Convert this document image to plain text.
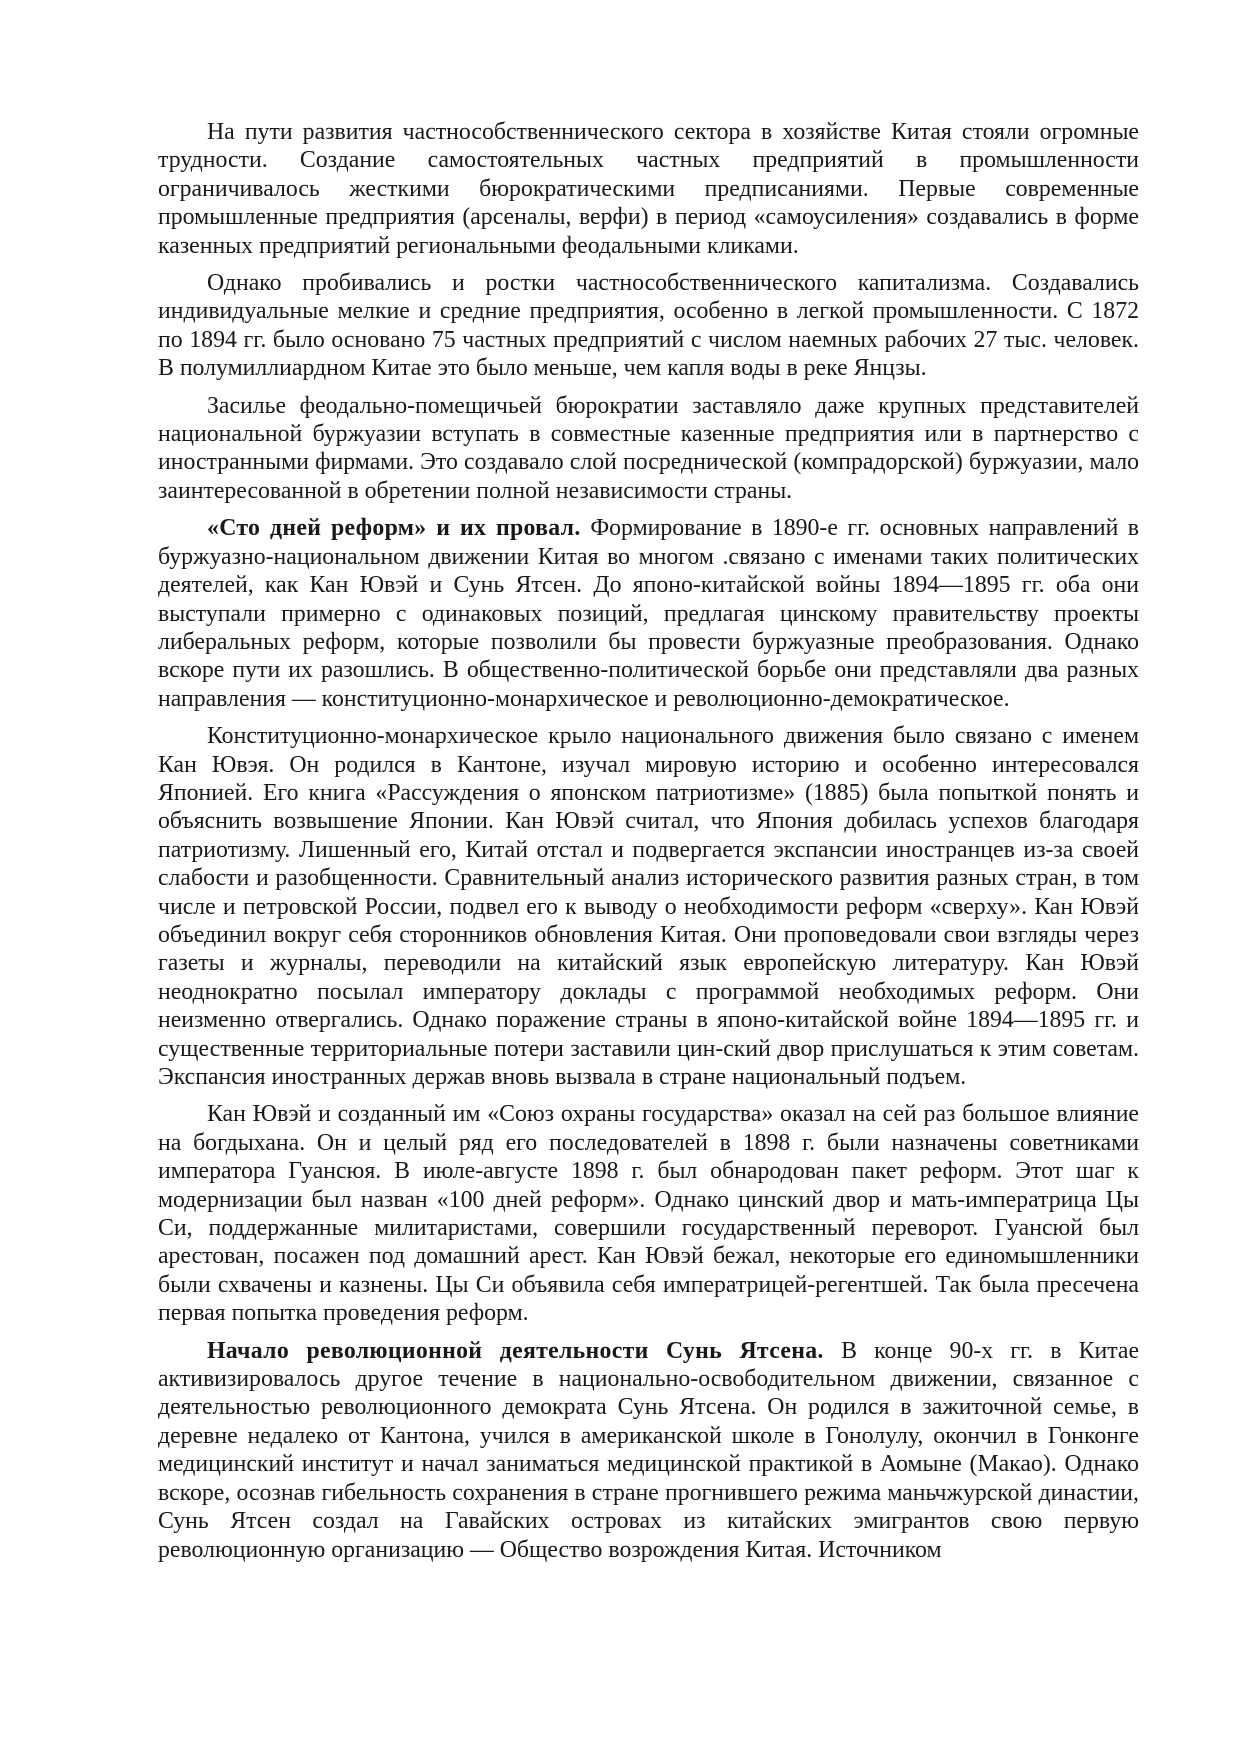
На пути развития частнособственнического сектора в хозяйстве Китая стояли огромные трудности. Создание самостоятельных частных предприятий в промышленности ограничивалось жесткими бюрократическими предписаниями. Первые современные промышленные предприятия (арсеналы, верфи) в период «самоусиления» создавались в форме казенных предприятий региональными феодальными кликами.

Однако пробивались и ростки частнособственнического капитализма. Создавались индивидуальные мелкие и средние предприятия, особенно в легкой промышленности. С 1872 по 1894 гг. было основано 75 частных предприятий с числом наемных рабочих 27 тыс. человек. В полумиллиардном Китае это было меньше, чем капля воды в реке Янцзы.

Засилье феодально-помещичьей бюрократии заставляло даже крупных представителей национальной буржуазии вступать в совместные казенные предприятия или в партнерство с иностранными фирмами. Это создавало слой посреднической (компрадорской) буржуазии, мало заинтересованной в обретении полной независимости страны.

«Сто дней реформ» и их провал. Формирование в 1890-е гг. основных направлений в буржуазно-национальном движении Китая во многом .связано с именами таких политических деятелей, как Кан Ювэй и Сунь Ятсен. До японо-китайской войны 1894—1895 гг. оба они выступали примерно с одинаковых позиций, предлагая цинскому правительству проекты либеральных реформ, которые позволили бы провести буржуазные преобразования. Однако вскоре пути их разошлись. В общественно-политической борьбе они представляли два разных направления — конституционно-монархическое и революционно-демократическое.

Конституционно-монархическое крыло национального движения было связано с именем Кан Ювэя. Он родился в Кантоне, изучал мировую историю и особенно интересовался Японией. Его книга «Рассуждения о японском патриотизме» (1885) была попыткой понять и объяснить возвышение Японии. Кан Ювэй считал, что Япония добилась успехов благодаря патриотизму. Лишенный его, Китай отстал и подвергается экспансии иностранцев из-за своей слабости и разобщенности. Сравнительный анализ исторического развития разных стран, в том числе и петровской России, подвел его к выводу о необходимости реформ «сверху». Кан Ювэй объединил вокруг себя сторонников обновления Китая. Они проповедовали свои взгляды через газеты и журналы, переводили на китайский язык европейскую литературу. Кан Ювэй неоднократно посылал императору доклады с программой необходимых реформ. Они неизменно отвергались. Однако поражение страны в японо-китайской войне 1894—1895 гг. и существенные территориальные потери заставили цин-ский двор прислушаться к этим советам. Экспансия иностранных держав вновь вызвала в стране национальный подъем.

Кан Ювэй и созданный им «Союз охраны государства» оказал на сей раз большое влияние на богдыхана. Он и целый ряд его последователей в 1898 г. были назначены советниками императора Гуансюя. В июле-августе 1898 г. был обнародован пакет реформ. Этот шаг к модернизации был назван «100 дней реформ». Однако цинский двор и мать-императрица Цы Си, поддержанные милитаристами, совершили государственный переворот. Гуансюй был арестован, посажен под домашний арест. Кан Ювэй бежал, некоторые его единомышленники были схвачены и казнены. Цы Си объявила себя императрицей-регентшей. Так была пресечена первая попытка проведения реформ.

Начало революционной деятельности Сунь Ятсена. В конце 90-х гг. в Китае активизировалось другое течение в национально-освободительном движении, связанное с деятельностью революционного демократа Сунь Ятсена. Он родился в зажиточной семье, в деревне недалеко от Кантона, учился в американской школе в Гонолулу, окончил в Гонконге медицинский институт и начал заниматься медицинской практикой в Аомыне (Макао). Однако вскоре, осознав гибельность сохранения в стране прогнившего режима маньчжурской династии, Сунь Ятсен создал на Гавайских островах из китайских эмигрантов свою первую революционную организацию — Общество возрождения Китая. Источником
